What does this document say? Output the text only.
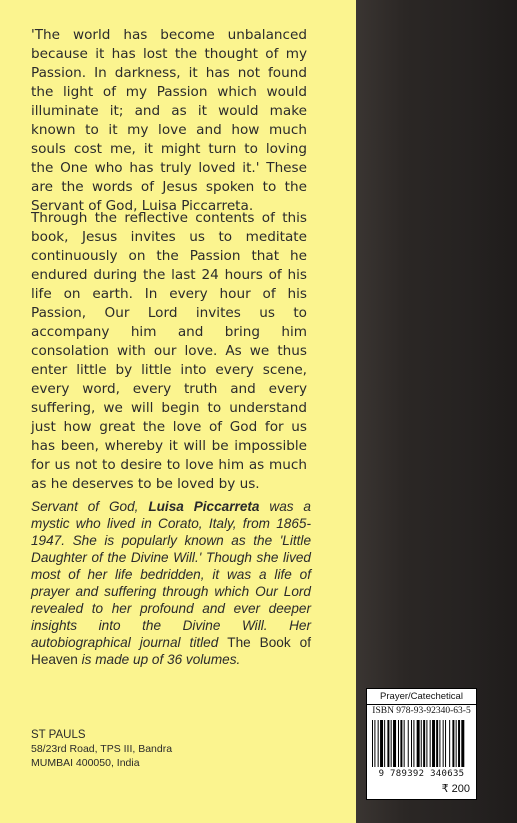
'The world has become unbalanced because it has lost the thought of my Passion. In darkness, it has not found the light of my Passion which would illuminate it; and as it would make known to it my love and how much souls cost me, it might turn to loving the One who has truly loved it.' These are the words of Jesus spoken to the Servant of God, Luisa Piccarreta.

Through the reflective contents of this book, Jesus invites us to meditate continuously on the Passion that he endured during the last 24 hours of his life on earth. In every hour of his Passion, Our Lord invites us to accompany him and bring him consolation with our love. As we thus enter little by little into every scene, every word, every truth and every suffering, we will begin to understand just how great the love of God for us has been, whereby it will be impossible for us not to desire to love him as much as he deserves to be loved by us.

Servant of God, Luisa Piccarreta was a mystic who lived in Corato, Italy, from 1865-1947. She is popularly known as the 'Little Daughter of the Divine Will.' Though she lived most of her life bedridden, it was a life of prayer and suffering through which Our Lord revealed to her profound and ever deeper insights into the Divine Will. Her autobiographical journal titled The Book of Heaven is made up of 36 volumes.

ST PAULS
58/23rd Road, TPS III, Bandra
MUMBAI 400050, India
Prayer/Catechetical
ISBN 978-93-92340-63-5
9 789392 340635
₹ 200
